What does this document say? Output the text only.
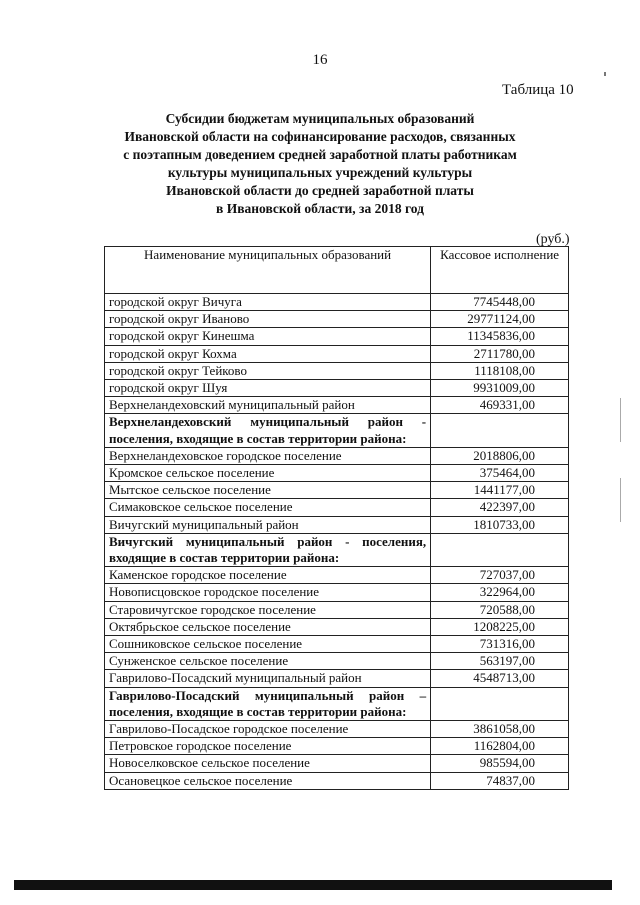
16
Таблица 10
Субсидии бюджетам муниципальных образований
Ивановской области на софинансирование расходов, связанных
с поэтапным доведением средней заработной платы работникам
культуры муниципальных учреждений культуры
Ивановской области до средней заработной платы
в Ивановской области, за 2018 год
(руб.)
Наименование муниципальных образований	Кассовое исполнение
городской округ Вичуга	7745448,00
городской округ Иваново	29771124,00
городской округ Кинешма	11345836,00
городской округ Кохма	2711780,00
городской округ Тейково	1118108,00
городской округ Шуя	9931009,00
Верхнеландеховский муниципальный район	469331,00
Верхнеландеховский муниципальный район - поселения, входящие в состав территории района:	
Верхнеландеховское городское поселение	2018806,00
Кромское сельское поселение	375464,00
Мытское сельское поселение	1441177,00
Симаковское сельское поселение	422397,00
Вичугский муниципальный район	1810733,00
Вичугский муниципальный район - поселения, входящие в состав территории района:	
Каменское городское поселение	727037,00
Новописцовское городское поселение	322964,00
Старовичугское городское поселение	720588,00
Октябрьское сельское поселение	1208225,00
Сошниковское сельское поселение	731316,00
Сунженское сельское поселение	563197,00
Гаврилово-Посадский муниципальный район	4548713,00
Гаврилово-Посадский муниципальный район – поселения, входящие в состав территории района:	
Гаврилово-Посадское городское поселение	3861058,00
Петровское городское поселение	1162804,00
Новоселковское сельское поселение	985594,00
Осановецкое сельское поселение	74837,00
